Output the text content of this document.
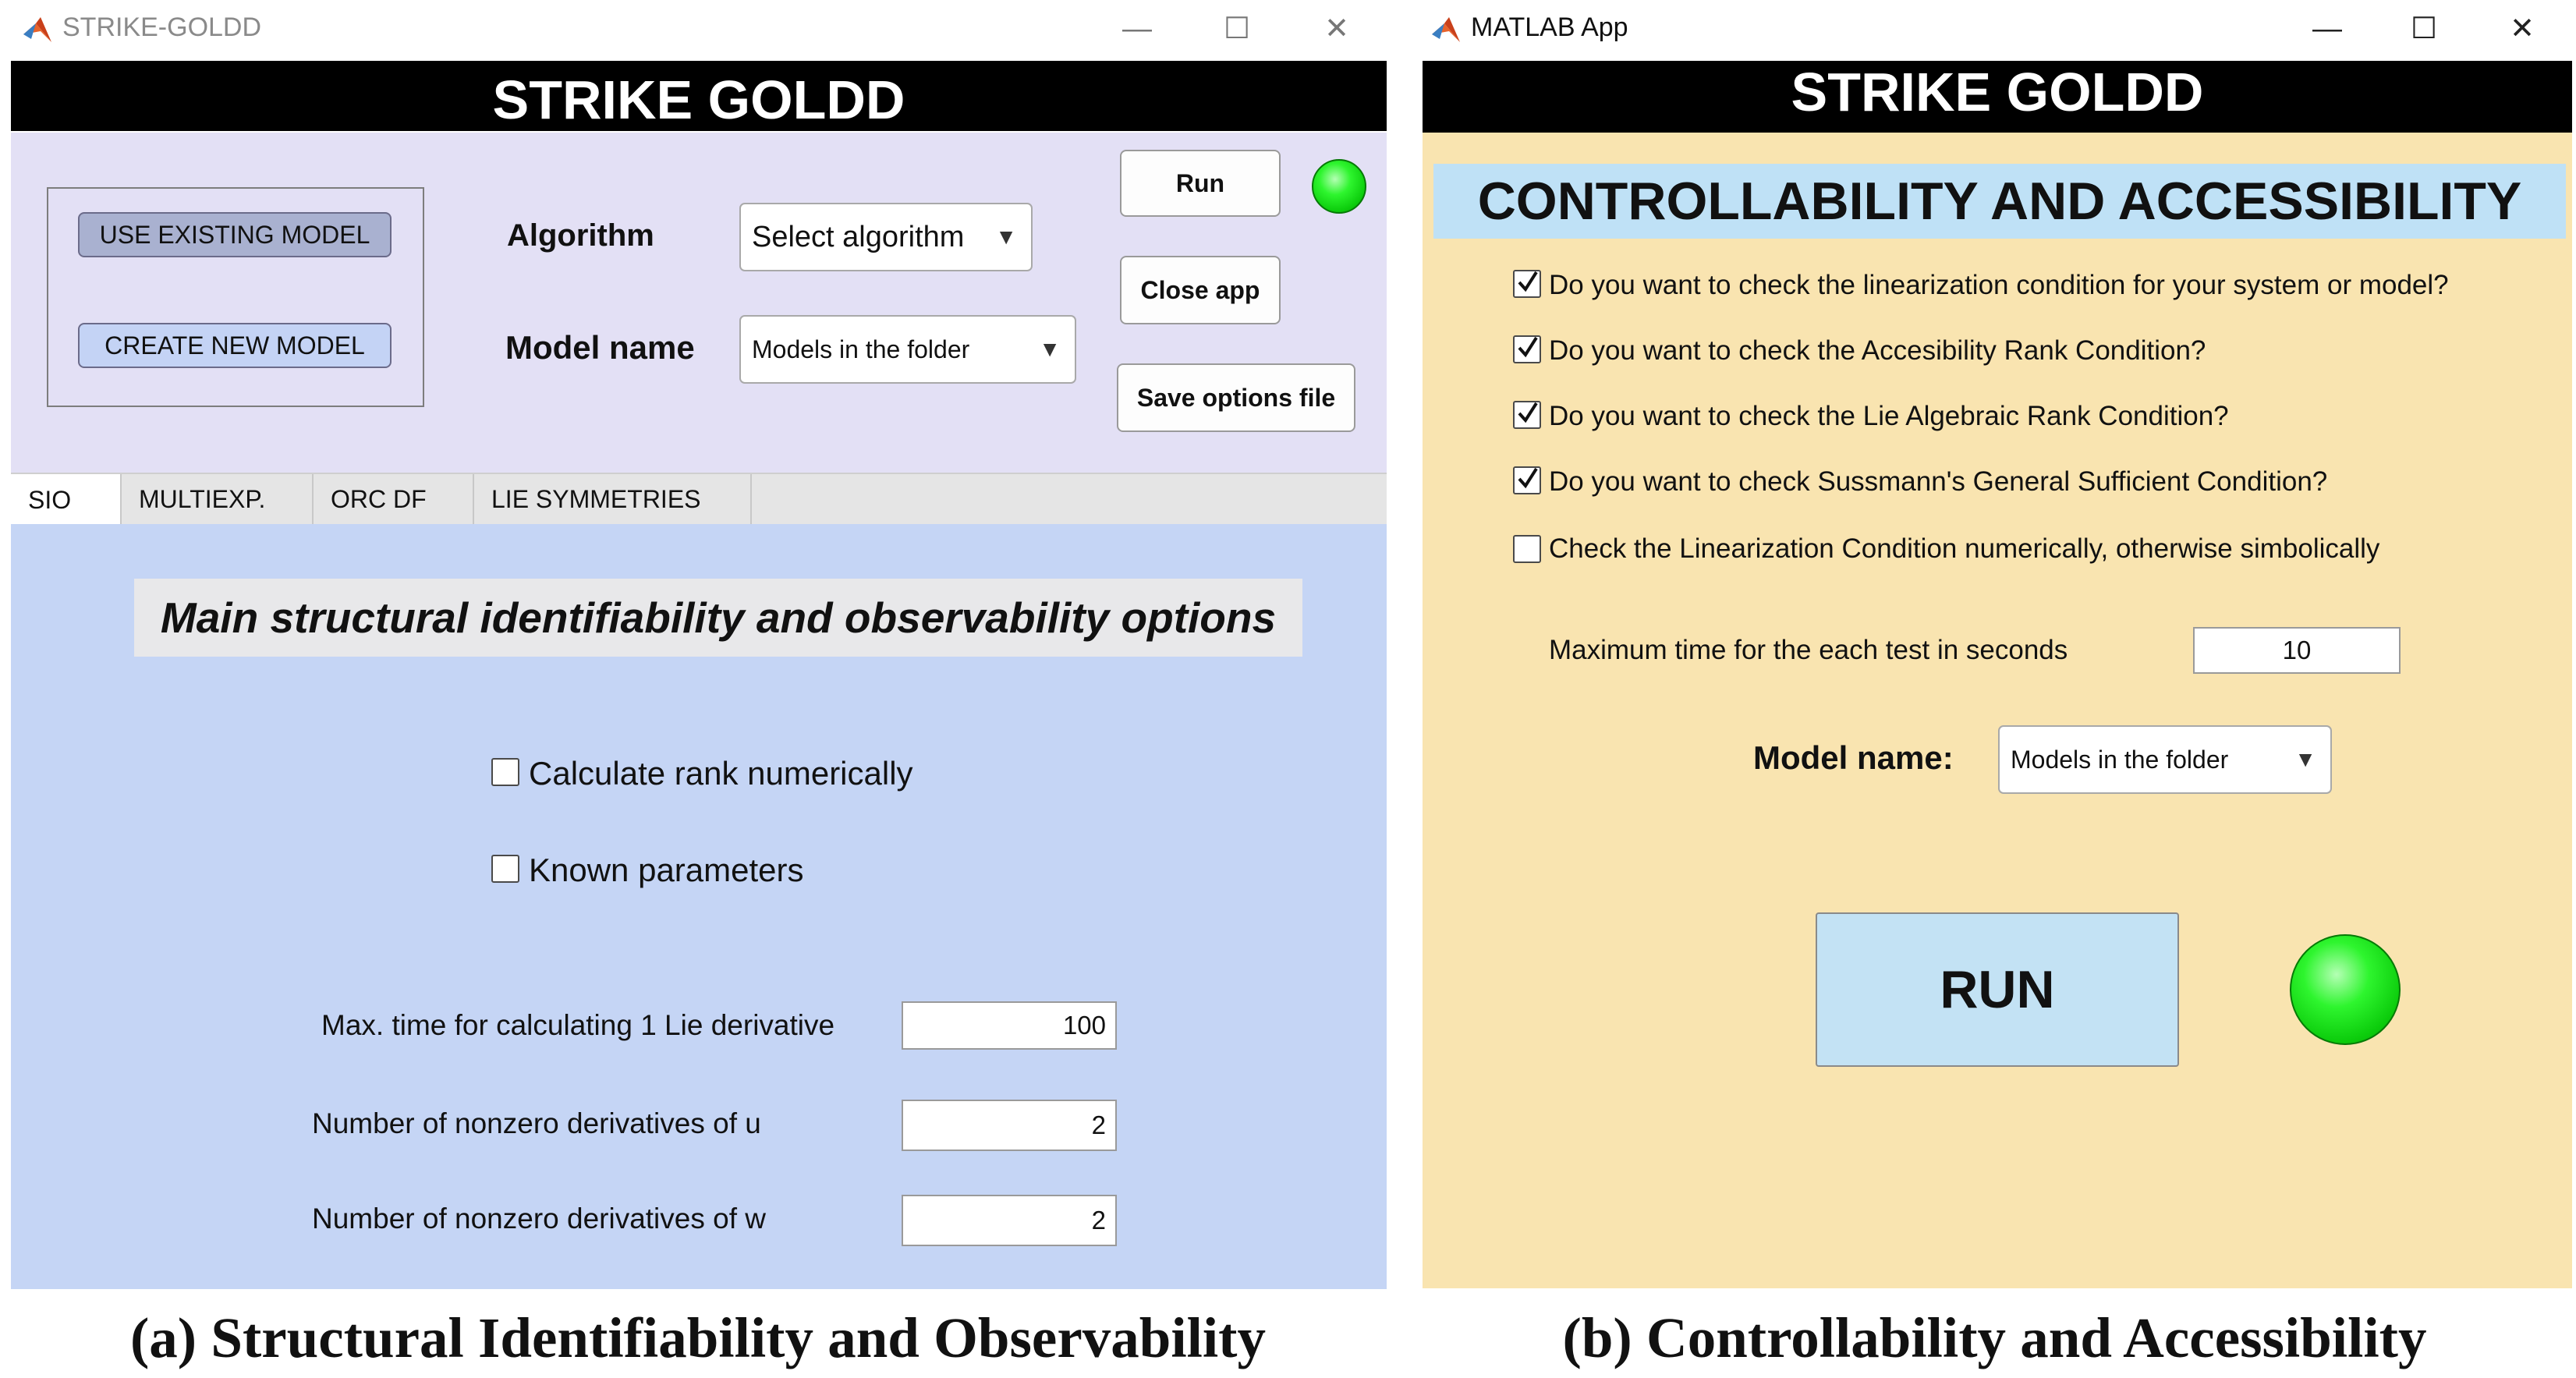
STRIKE-GOLDD	—	☐	✕
STRIKE GOLDD
USE EXISTING MODEL
CREATE NEW MODEL
Algorithm	Select algorithm ▼
Model name Models in the folder	▼
Run
Close app
Save options file
SIO	MULTIEXP.	ORC DF	LIE SYMMETRIES
Main structural identifiability and observability options
Calculate rank numerically
Known parameters
Max. time for calculating 1 Lie derivative	100
Number of nonzero derivatives of u	2
Number of nonzero derivatives of w	2
MATLAB App	—	☐	✕
STRIKE GOLDD
CONTROLLABILITY AND ACCESSIBILITY
Do you want to check the linearization condition for your system or model?
Do you want to check the Accesibility Rank Condition?
Do you want to check the Lie Algebraic Rank Condition?
Do you want to check Sussmann's General Sufficient Condition?
Check the Linearization Condition numerically, otherwise simbolically
Maximum time for the each test in seconds	10
Model name: Models in the folder	▼
RUN
(a) Structural Identifiability and Observability	(b) Controllability and Accessibility
